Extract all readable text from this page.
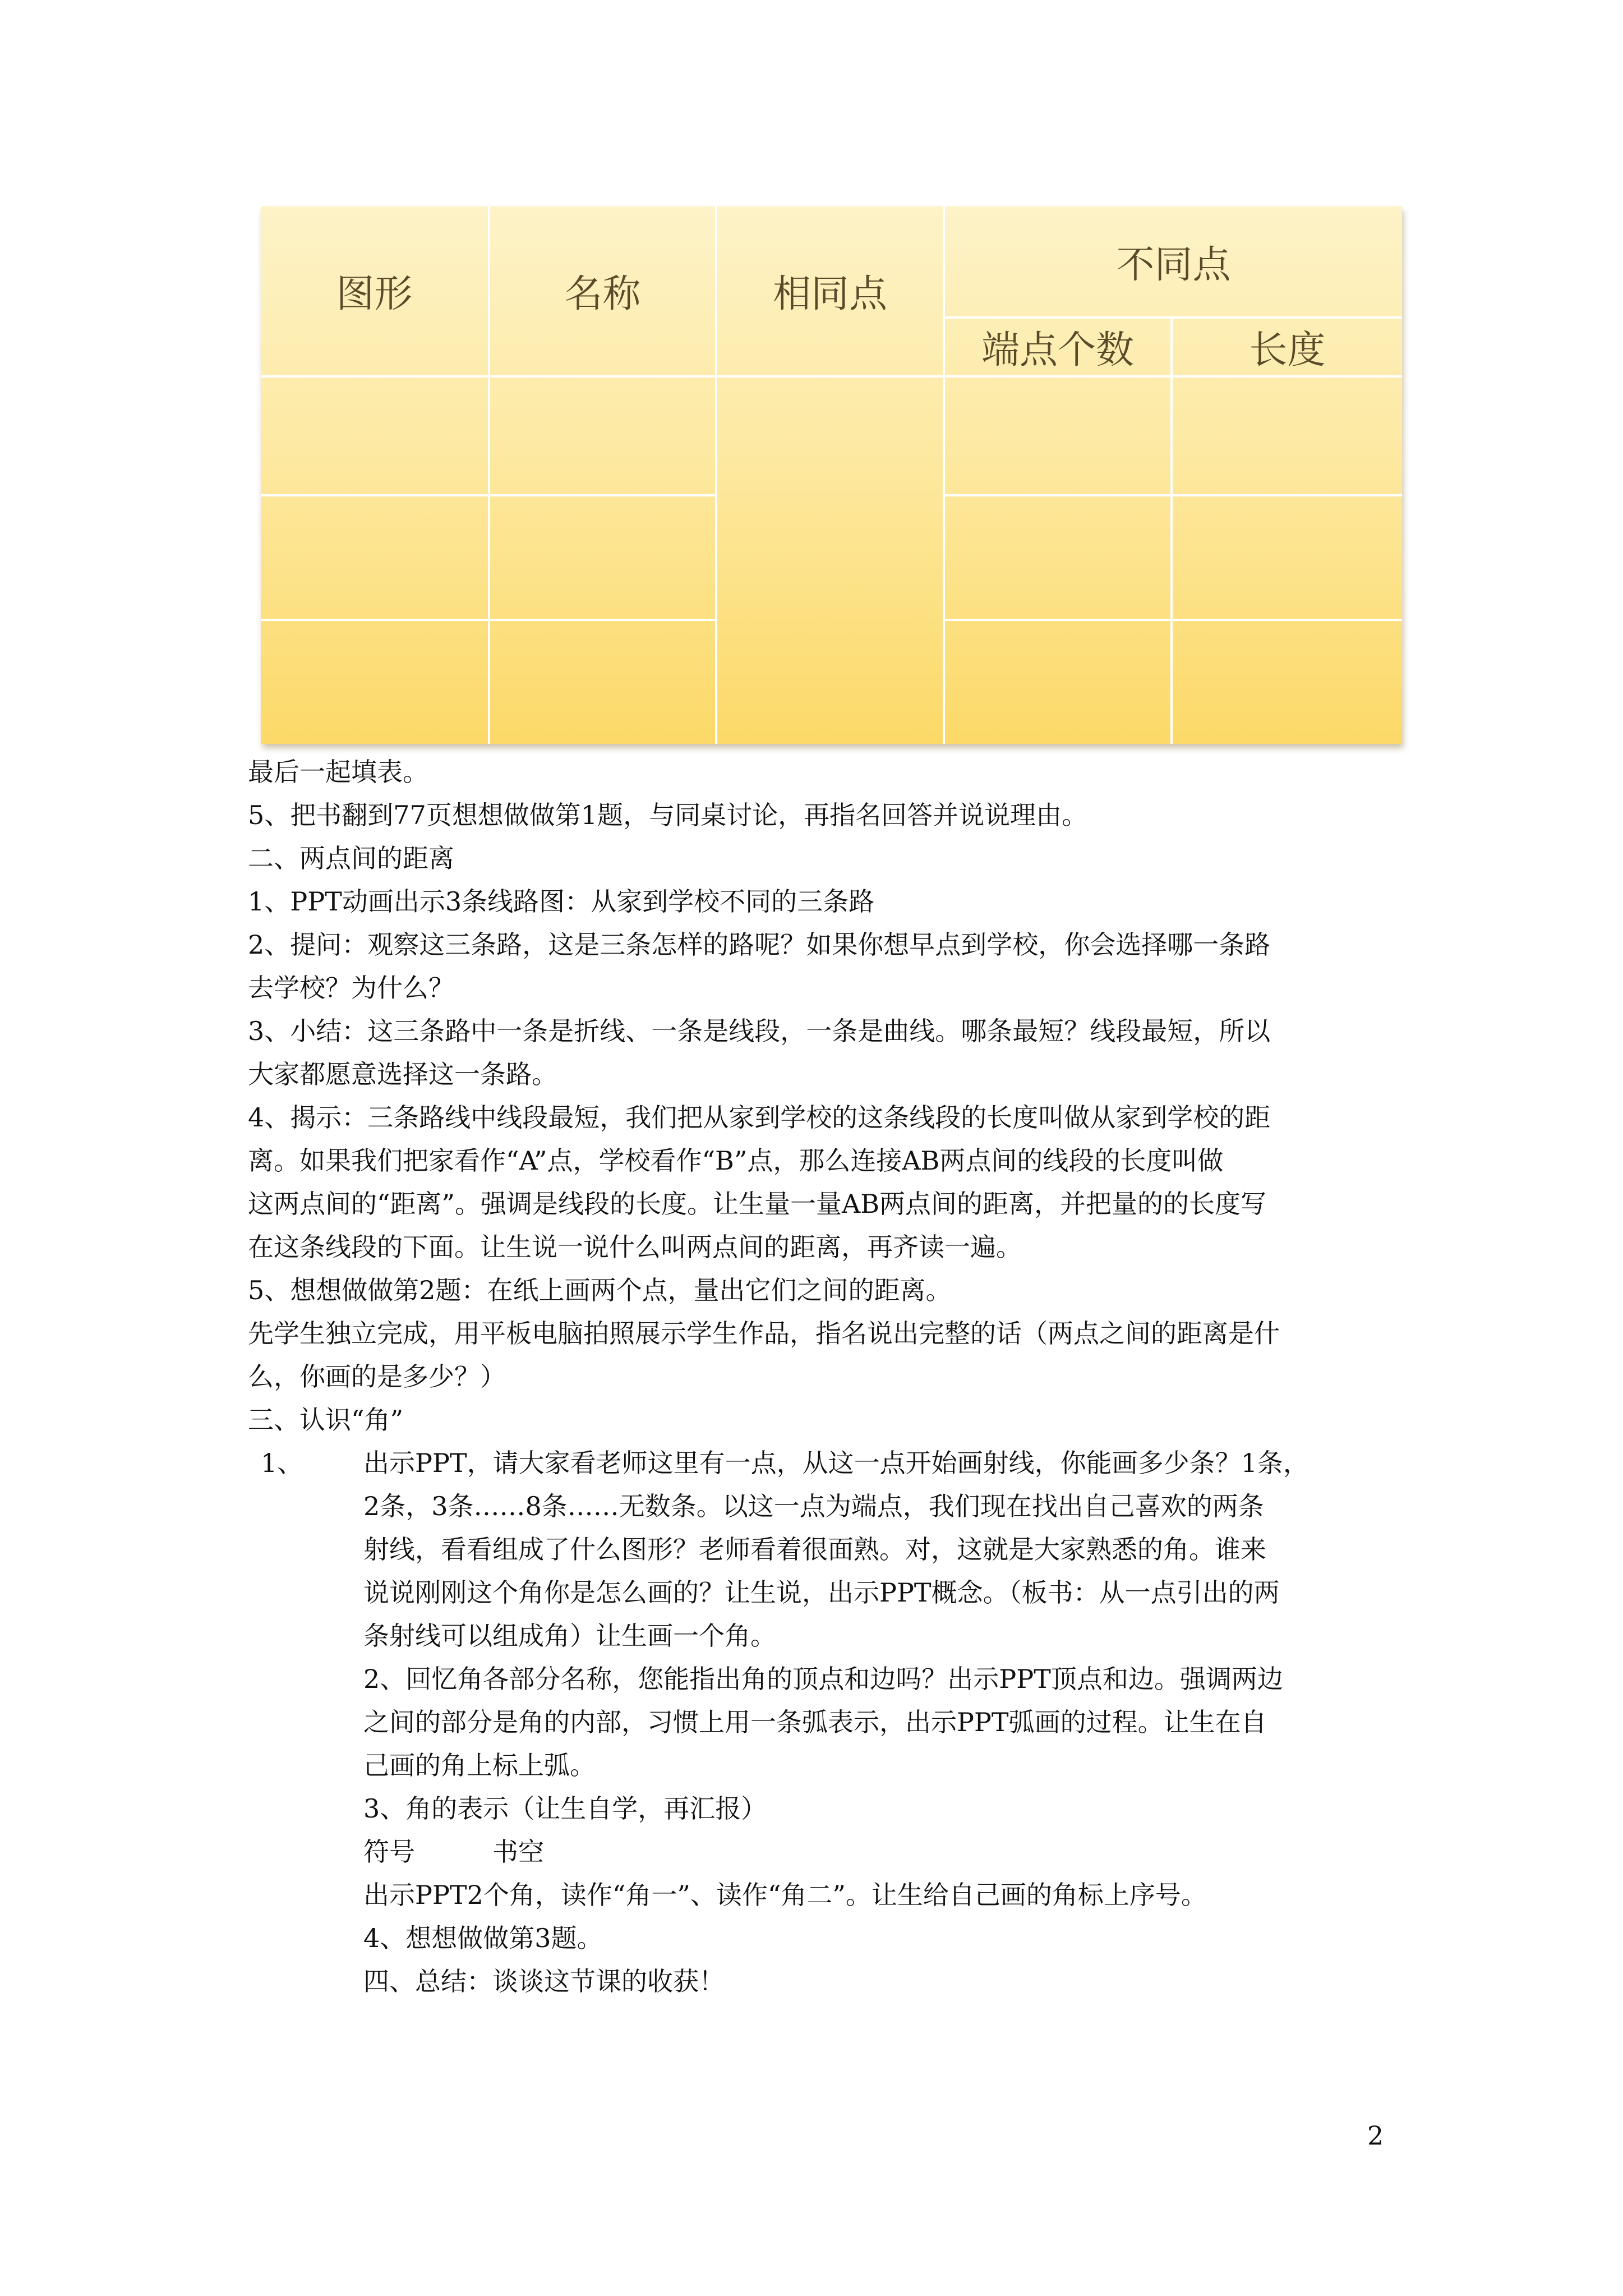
图形	名称	相同点
不同点
端点个数	长度
最后一起填表。
5、把书翻到77页想想做做第1题，与同桌讨论，再指名回答并说说理由。
二、两点间的距离
1、PPT动画出示3条线路图：从家到学校不同的三条路
2、提问：观察这三条路，这是三条怎样的路呢？如果你想早点到学校，你会选择哪一条路
去学校？为什么？
3、小结：这三条路中一条是折线、一条是线段，一条是曲线。哪条最短？线段最短，所以
大家都愿意选择这一条路。
4、揭示：三条路线中线段最短，我们把从家到学校的这条线段的长度叫做从家到学校的距
离。如果我们把家看作“A”点，学校看作“B”点，那么连接AB两点间的线段的长度叫做
这两点间的“距离”。强调是线段的长度。让生量一量AB两点间的距离，并把量的的长度写
在这条线段的下面。让生说一说什么叫两点间的距离，再齐读一遍。
5、想想做做第2题：在纸上画两个点，量出它们之间的距离。
先学生独立完成，用平板电脑拍照展示学生作品，指名说出完整的话（两点之间的距离是什
么，你画的是多少？）
三、认识“角”
1、 出示PPT，请大家看老师这里有一点，从这一点开始画射线，你能画多少条？1条，
2条，3条……8条……无数条。以这一点为端点，我们现在找出自己喜欢的两条
射线，看看组成了什么图形？老师看着很面熟。对，这就是大家熟悉的角。谁来
说说刚刚这个角你是怎么画的？让生说，出示PPT概念。（板书：从一点引出的两
条射线可以组成角）让生画一个角。
2、回忆角各部分名称，您能指出角的顶点和边吗？出示PPT顶点和边。强调两边
之间的部分是角的内部，习惯上用一条弧表示，出示PPT弧画的过程。让生在自
己画的角上标上弧。
3、角的表示（让生自学，再汇报）
符号　　　书空
出示PPT2个角，读作“角一”、读作“角二”。让生给自己画的角标上序号。
4、想想做做第3题。
四、总结：谈谈这节课的收获！
2
